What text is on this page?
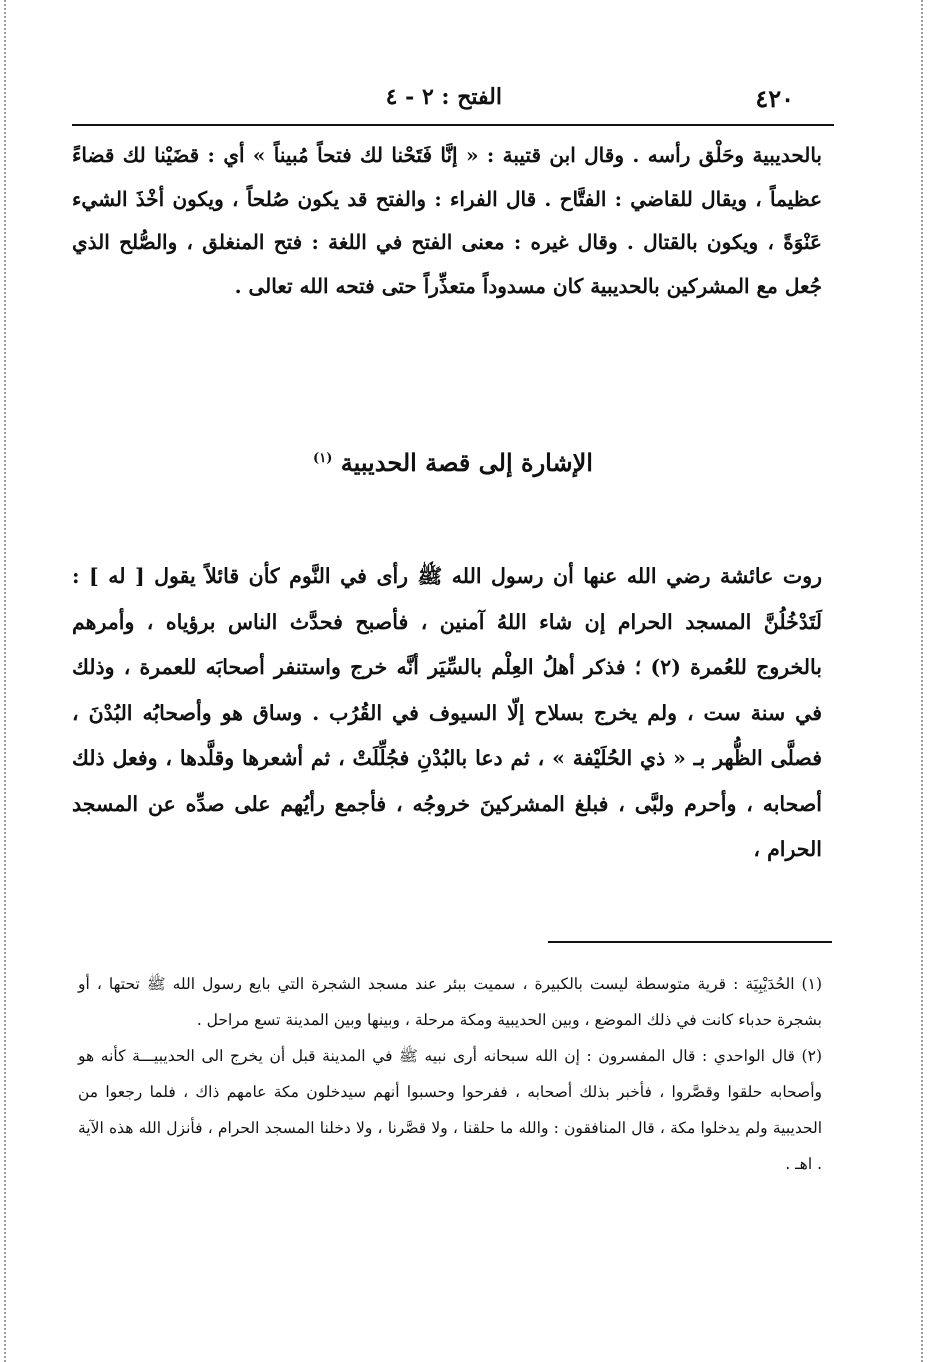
٤٢٠
الفتح : ٢ - ٤
بالحديبية وحَلْق رأسه . وقال ابن قتيبة : « إنَّا فَتَحْنا لك فتحاً مُبيناً » أي : قضَيْنا لك قضاءً عظيماً ، ويقال للقاضي : الفتَّاح . قال الفراء : والفتح قد يكون صُلحاً ، ويكون أخْذَ الشيء عَنْوَةً ، ويكون بالقتال . وقال غيره : معنى الفتح في اللغة : فتح المنغلق ، والصُّلح الذي جُعل مع المشركين بالحديبية كان مسدوداً متعذِّراً حتى فتحه الله تعالى .
الإشارة إلى قصة الحديبية $^{(١)}$
روت عائشة رضي الله عنها أن رسول الله ﷺ رأى في النَّوم كأن قائلاً يقول [ له ] : لَتَدْخُلُنَّ المسجد الحرام إن شاء اللهُ آمنين ، فأصبح فحدَّث الناس برؤياه ، وأمرهم بالخروج للعُمرة (٢) ؛ فذكر أهلُ العِلْم بالسِّيَر أنَّه خرج واستنفر أصحابَه للعمرة ، وذلك في سنة ست ، ولم يخرج بسلاح إلّا السيوف في القُرُب . وساق هو وأصحابُه البُدْنَ ، فصلَّى الظُّهر بـ « ذي الحُلَيْفة » ، ثم دعا بالبُدْنِ فجُلِّلَتْ ، ثم أشعرها وقلَّدها ، وفعل ذلك أصحابه ، وأحرم ولبَّى ، فبلغ المشركينَ خروجُه ، فأجمع رأيُهم على صدِّه عن المسجد الحرام ،

(١) الحُدَيْبِيَة : قرية متوسطة ليست بالكبيرة ، سميت ببئر عند مسجد الشجرة التي بايع رسول الله ﷺ تحتها ، أو بشجرة حدباء كانت في ذلك الموضع ، وبين الحديبية ومكة مرحلة ، وبينها وبين المدينة تسع مراحل .

(٢) قال الواحدي : قال المفسرون : إن الله سبحانه أرى نبيه ﷺ في المدينة قبل أن يخرج الى الحديبيـــة كأنه هو وأصحابه حلقوا وقصَّروا ، فأخبر بذلك أصحابه ، ففرحوا وحسبوا أنهم سيدخلون مكة عامهم ذاك ، فلما رجعوا من الحديبية ولم يدخلوا مكة ، قال المنافقون : والله ما حلقنا ، ولا قصَّرنا ، ولا دخلنا المسجد الحرام ، فأنزل الله هذه الآية . اهـ .
